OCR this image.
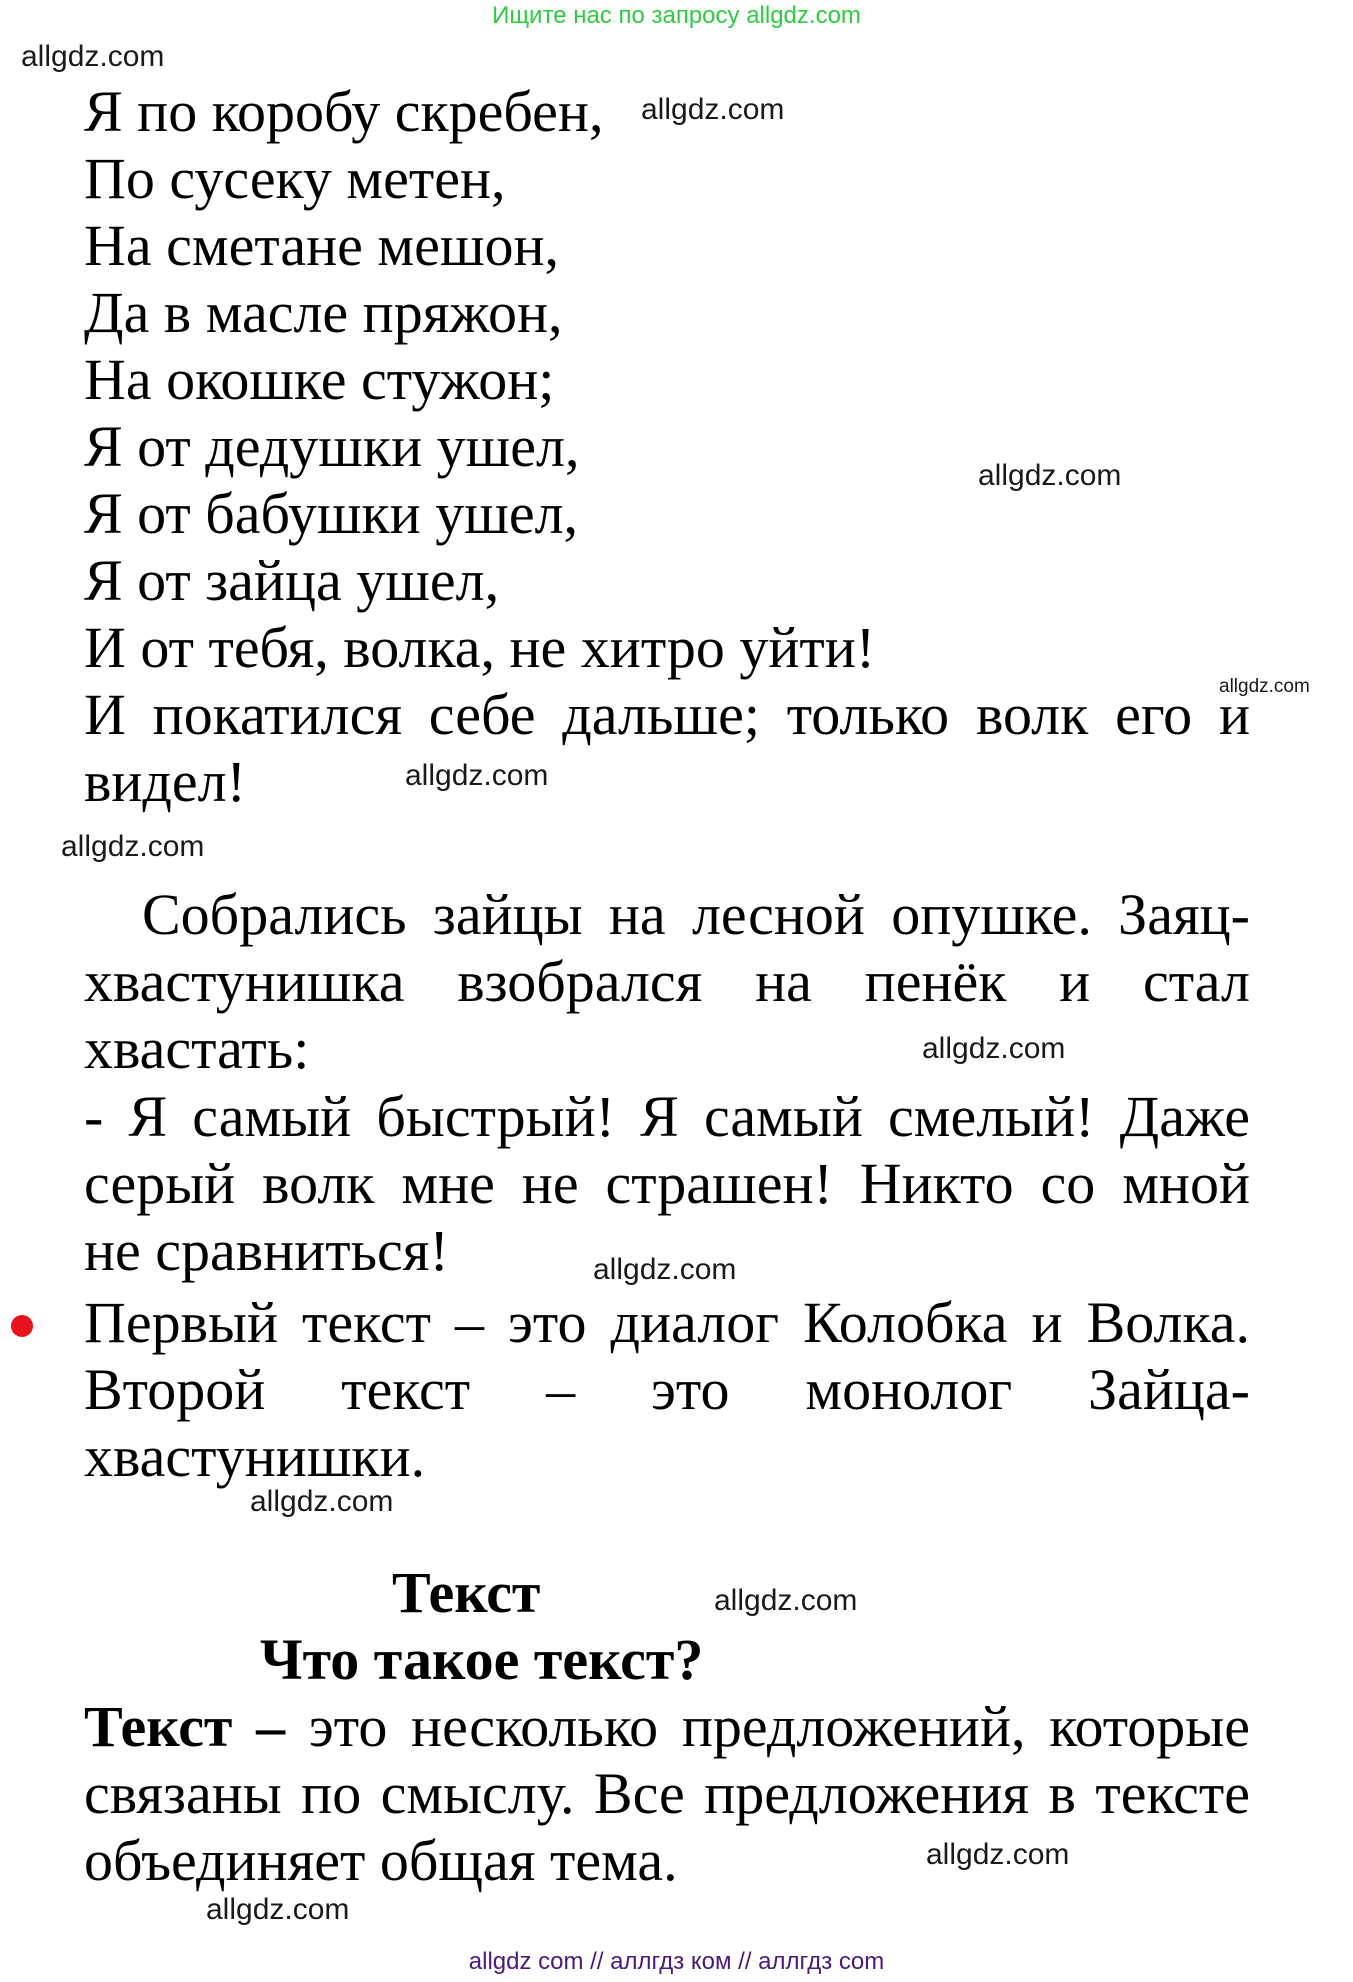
Ищите нас по запросу allgdz.com
allgdz.com
allgdz.com
allgdz.com
allgdz.com
allgdz.com
allgdz.com
allgdz.com
allgdz.com
allgdz.com
allgdz.com
allgdz.com
allgdz.com
Я по коробу скребен,
По сусеку метен,
На сметане мешон,
Да в масле пряжон,
На окошке стужон;
Я от дедушки ушел,
Я от бабушки ушел,
Я от зайца ушел,
И от тебя, волка, не хитро уйти!
И покатился себе дальше; только волк его и
видел!
Собрались зайцы на лесной опушке. Заяц-
хвастунишка взобрался на пенёк и стал
хвастать:
- Я самый быстрый! Я самый смелый! Даже
серый волк мне не страшен! Никто со мной
не сравниться!
Первый текст – это диалог Колобка и Волка.
Второй текст – это монолог Зайца-
хвастунишки.
Текст
Что такое текст?
Текст – это несколько предложений, которые
связаны по смыслу. Все предложения в тексте
объединяет общая тема.
allgdz com // аллгдз ком // аллгдз com
